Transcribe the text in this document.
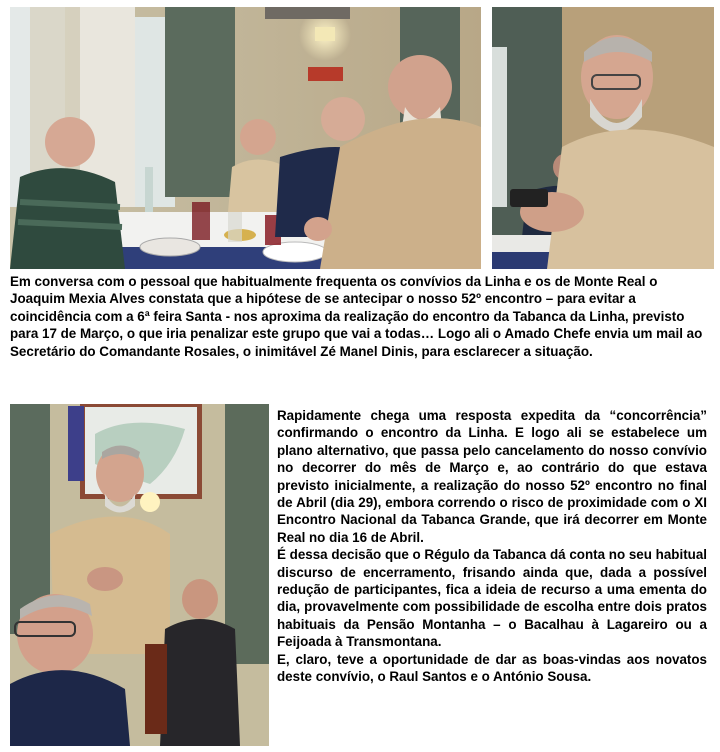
Em conversa com o pessoal que habitualmente frequenta os convívios da Linha e os de Monte Real o Joaquim Mexia Alves constata que a hipótese de se antecipar o nosso 52º encontro – para evitar a coincidência com a 6ª feira Santa - nos aproxima da realização do encontro da Tabanca da Linha, previsto para 17 de Março, o que iria penalizar este grupo que vai a todas… Logo ali o Amado Chefe envia um mail ao Secretário do Comandante Rosales, o inimitável Zé Manel Dinis, para esclarecer a situação.

Rapidamente chega uma resposta expedita da “concorrência” confirmando o encontro da Linha. E logo ali se estabelece um plano alternativo, que passa pelo cancelamento do nosso convívio no decorrer do mês de Março e, ao contrário do que estava previsto inicialmente, a realização do nosso 52º encontro no final de Abril (dia 29), embora correndo o risco de proximidade com o XI Encontro Nacional da Tabanca Grande, que irá decorrer em Monte Real no dia 16 de Abril.

É dessa decisão que o Régulo da Tabanca dá conta no seu habitual discurso de encerramento, frisando ainda que, dada a possível redução de participantes, fica a ideia de recurso a uma ementa do dia, provavelmente com possibilidade de escolha entre dois pratos habituais da Pensão Montanha – o Bacalhau à Lagareiro ou a Feijoada à Transmontana.

E, claro, teve a oportunidade de dar as boas-vindas aos novatos deste convívio, o Raul Santos e o António Sousa.
